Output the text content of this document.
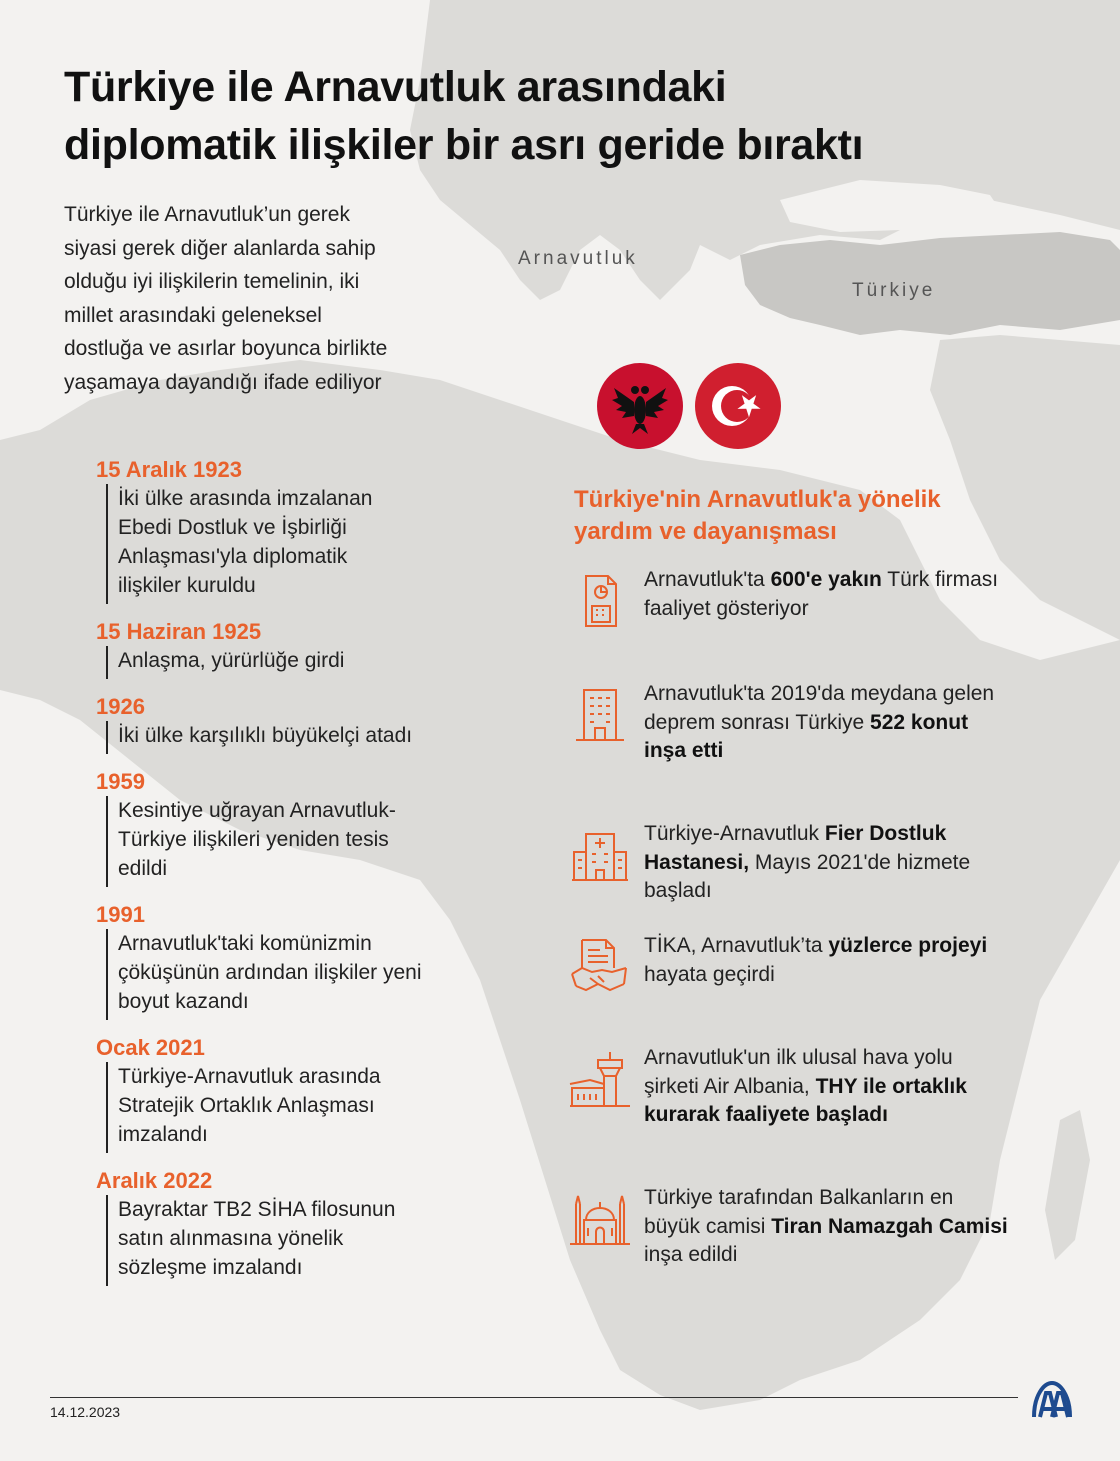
Türkiye ile Arnavutluk arasındaki
diplomatik ilişkiler bir asrı geride bıraktı
Türkiye ile Arnavutluk’un gerek siyasi gerek diğer alanlarda sahip olduğu iyi ilişkilerin temelinin, iki millet arasındaki geleneksel dostluğa ve asırlar boyunca birlikte yaşamaya dayandığı ifade ediliyor
Arnavutluk
Türkiye
15 Aralık 1923
İki ülke arasında imzalanan Ebedi Dostluk ve İşbirliği Anlaşması'yla diplomatik ilişkiler kuruldu
15 Haziran 1925
Anlaşma, yürürlüğe girdi
1926
İki ülke karşılıklı büyükelçi atadı
1959
Kesintiye uğrayan Arnavutluk-Türkiye ilişkileri yeniden tesis edildi
1991
Arnavutluk'taki komünizmin çöküşünün ardından ilişkiler yeni boyut kazandı
Ocak 2021
Türkiye-Arnavutluk arasında Stratejik Ortaklık Anlaşması imzalandı
Aralık 2022
Bayraktar TB2 SİHA filosunun satın alınmasına yönelik sözleşme imzalandı
Türkiye'nin Arnavutluk'a yönelik yardım ve dayanışması
Arnavutluk'ta 600'e yakın Türk firması faaliyet gösteriyor
Arnavutluk'ta 2019'da meydana gelen deprem sonrası Türkiye 522 konut inşa etti
Türkiye-Arnavutluk Fier Dostluk Hastanesi, Mayıs 2021'de hizmete başladı
TİKA, Arnavutluk’ta yüzlerce projeyi hayata geçirdi
Arnavutluk'un ilk ulusal hava yolu şirketi Air Albania, THY ile ortaklık kurarak faaliyete başladı
Türkiye tarafından Balkanların en büyük camisi Tiran Namazgah Camisi inşa edildi
14.12.2023
